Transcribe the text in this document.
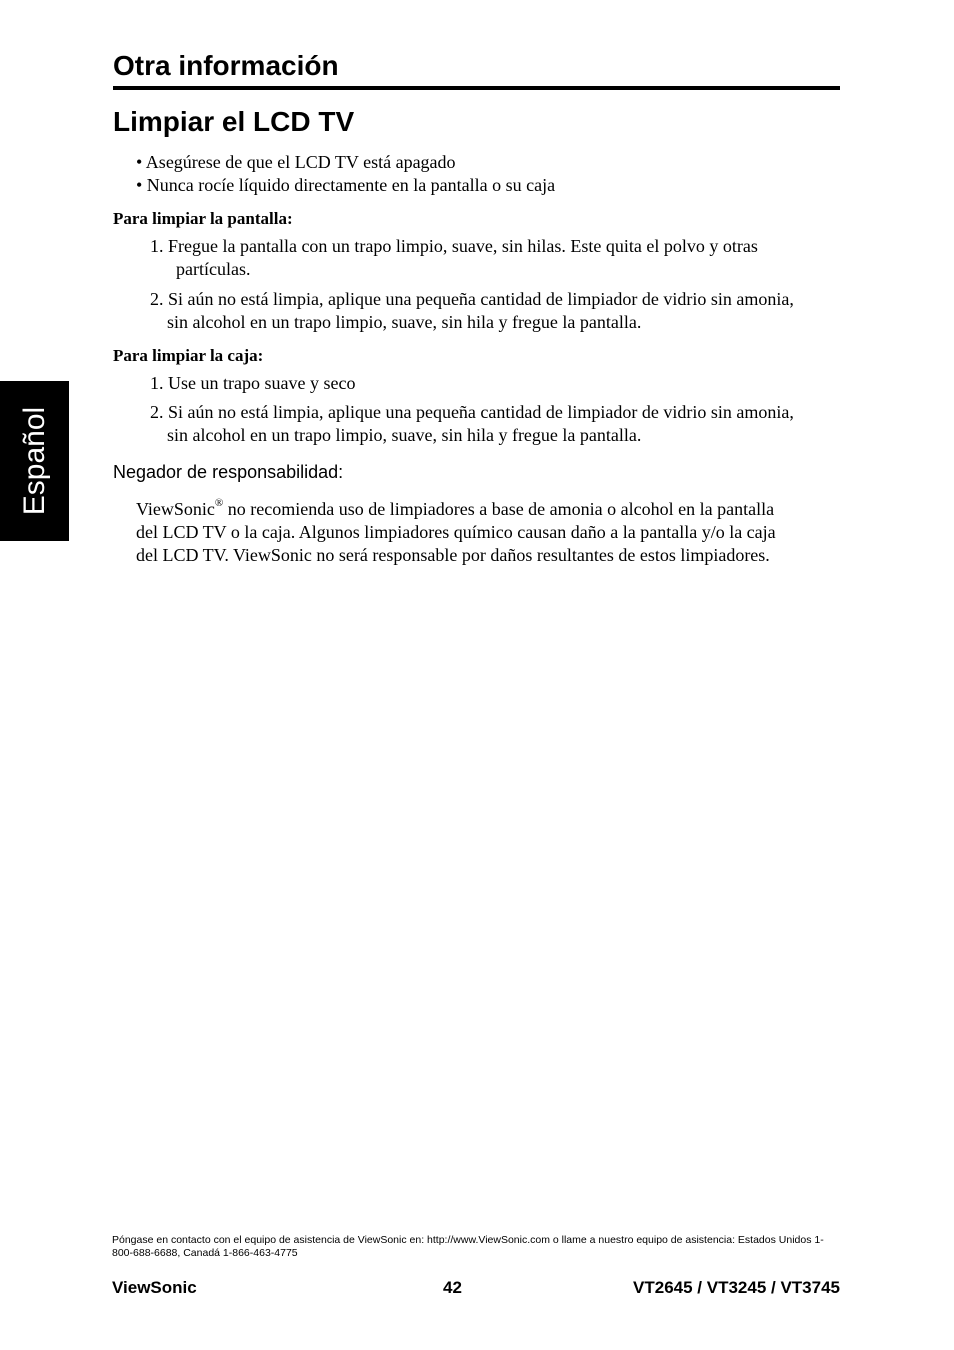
Otra información
Limpiar el LCD TV
• Asegúrese de que el LCD TV está apagado
• Nunca rocíe líquido directamente en la pantalla o su caja
Para limpiar la pantalla:
1. Fregue la pantalla con un trapo limpio, suave, sin hilas. Este quita el polvo y otras
partículas.
2. Si aún no está limpia, aplique una pequeña cantidad de limpiador de vidrio sin amonia,
sin alcohol en un trapo limpio, suave, sin hila y fregue la pantalla.
Para limpiar la caja:
1. Use un trapo suave y seco
2. Si aún no está limpia, aplique una pequeña cantidad de limpiador de vidrio sin amonia,
sin alcohol en un trapo limpio, suave, sin hila y fregue la pantalla.
Español	Negador de responsabilidad:
ViewSonic® no recomienda uso de limpiadores a base de amonia o alcohol en la pantalla
del LCD TV o la caja. Algunos limpiadores químico causan daño a la pantalla y/o la caja
del LCD TV. ViewSonic no será responsable por daños resultantes de estos limpiadores.
Póngase en contacto con el equipo de asistencia de ViewSonic en: http://www.ViewSonic.com o llame a nuestro equipo de asistencia: Estados Unidos 1-800-688-6688, Canadá 1-866-463-4775
ViewSonic	42	VT2645 / VT3245 / VT3745
